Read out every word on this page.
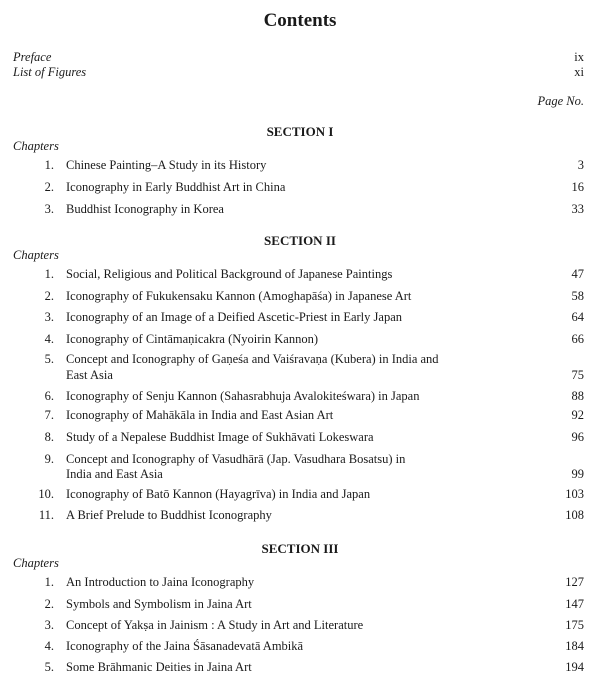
Contents
Preface	ix
List of Figures	xi
Page No.
SECTION I
Chapters
1. Chinese Painting–A Study in its History	3
2. Iconography in Early Buddhist Art in China	16
3. Buddhist Iconography in Korea	33
SECTION II
Chapters
1. Social, Religious and Political Background of Japanese Paintings	47
2. Iconography of Fukukensaku Kannon (Amoghapāśa) in Japanese Art	58
3. Iconography of an Image of a Deified Ascetic-Priest in Early Japan	64
4. Iconography of Cintāmaṇicakra (Nyoirin Kannon)	66
5. Concept and Iconography of Gaṇeśa and Vaiśravaṇa (Kubera) in India and
East Asia	75
6. Iconography of Senju Kannon (Sahasrabhuja Avalokiteśwara) in Japan	88
7. Iconography of Mahākāla in India and East Asian Art	92
8. Study of a Nepalese Buddhist Image of Sukhāvati Lokeswara	96
9. Concept and Iconography of Vasudhārā (Jap. Vasudhara Bosatsu) in
India and East Asia	99
10. Iconography of Batō Kannon (Hayagrīva) in India and Japan	103
11. A Brief Prelude to Buddhist Iconography	108
SECTION III
Chapters
1. An Introduction to Jaina Iconography	127
2. Symbols and Symbolism in Jaina Art	147
3. Concept of Yakṣa in Jainism : A Study in Art and Literature	175
4. Iconography of the Jaina Śāsanadevatā Ambikā	184
5. Some Brāhmanic Deities in Jaina Art	194
